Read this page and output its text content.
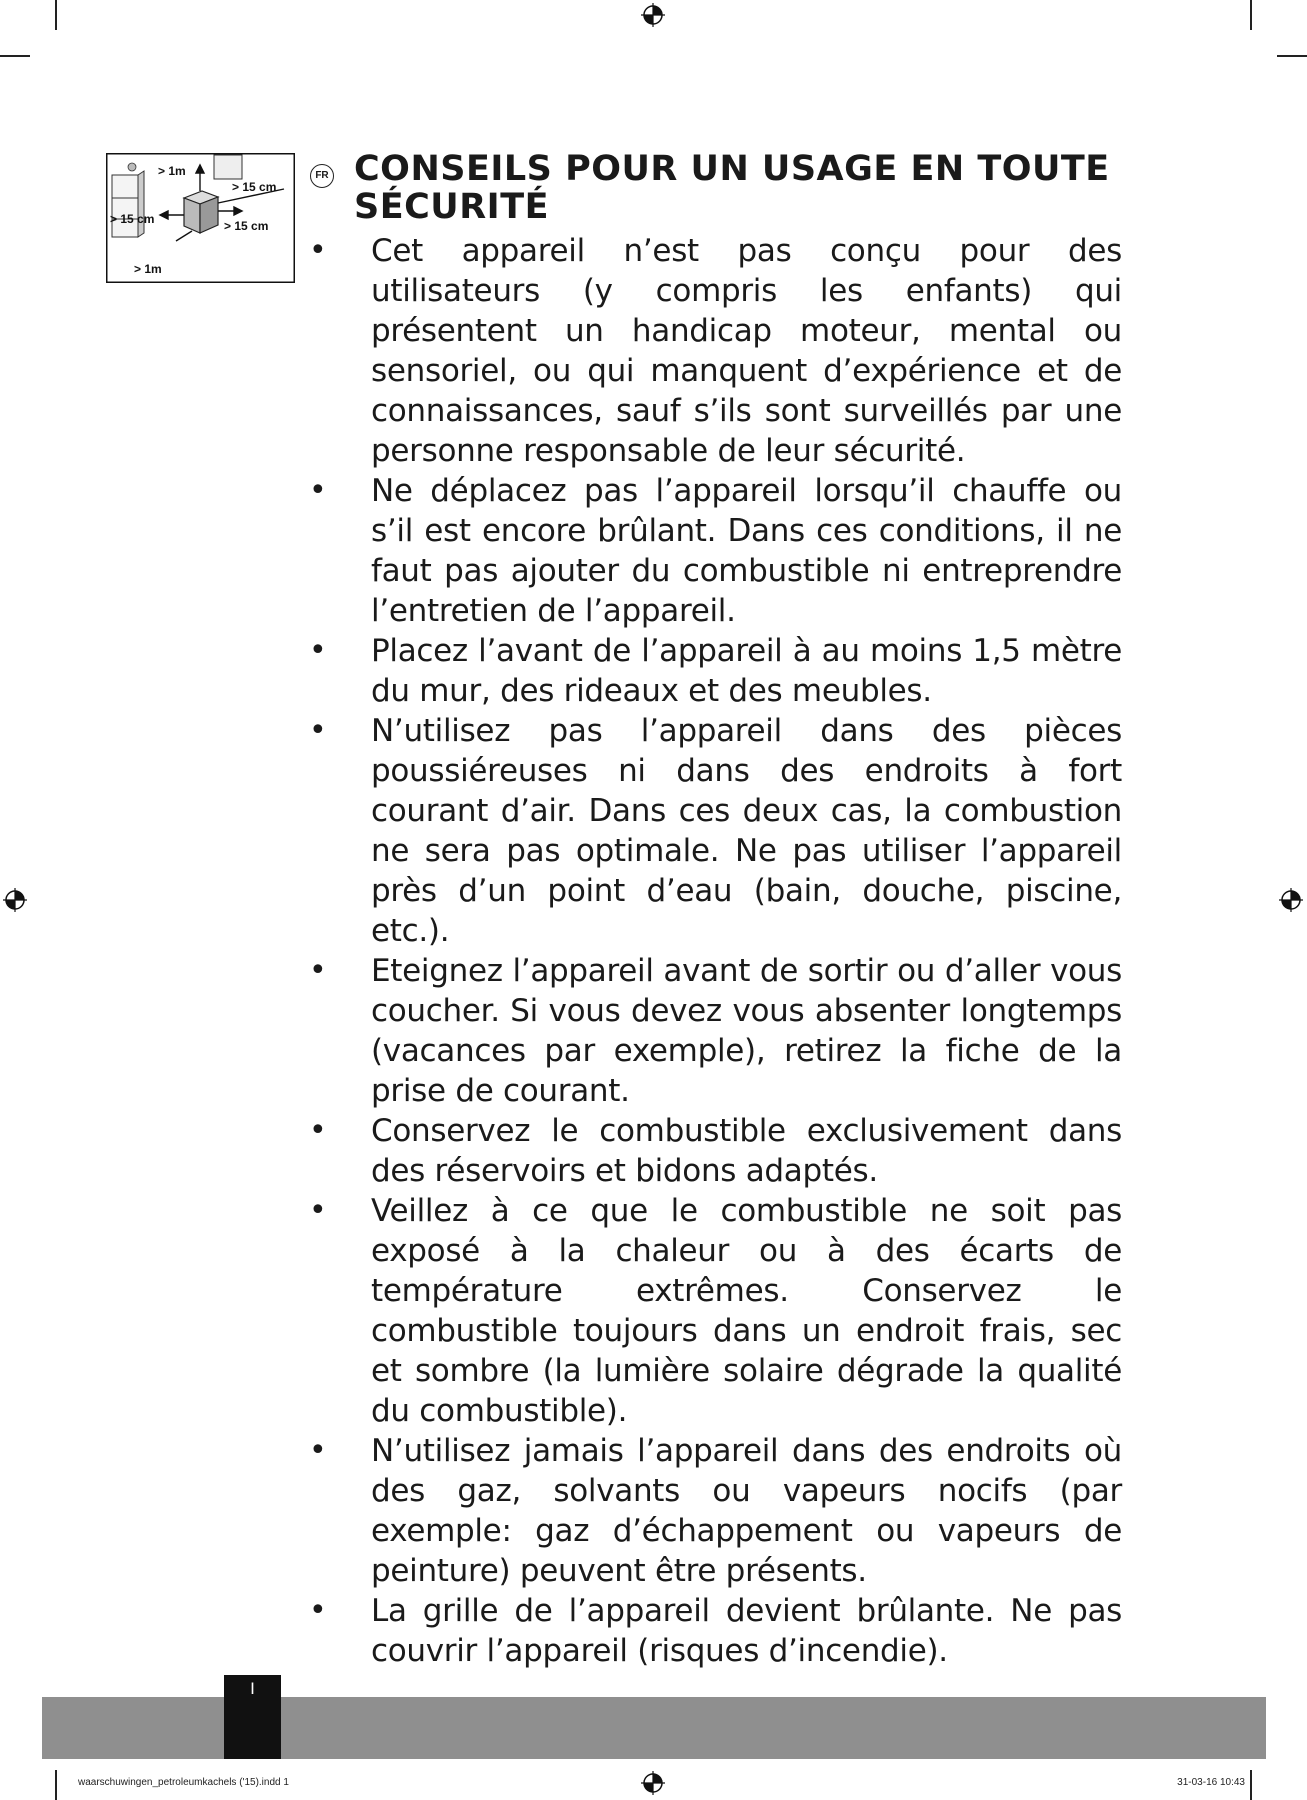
> 1m
> 15 cm
> 15 cm	> 15 cm
> 1m
FR CONSEILS POUR UN USAGE EN TOUTE
SÉCURITÉ
• Cet appareil n’est pas conçu pour des utilisateurs (y compris les enfants) qui présentent un handicap moteur, mental ou sensoriel, ou qui manquent d’expérience et de connaissances, sauf s’ils sont surveillés par une personne responsable de leur sécurité.
• Ne déplacez pas l’appareil lorsqu’il chauffe ou s’il est encore brûlant. Dans ces conditions, il ne faut pas ajouter du combustible ni entreprendre l’entretien de l’appareil.
• Placez l’avant de l’appareil à au moins 1,5 mètre du mur, des rideaux et des meubles.
• N’utilisez pas l’appareil dans des pièces poussiéreuses ni dans des endroits à fort courant d’air. Dans ces deux cas, la combustion ne sera pas optimale. Ne pas utiliser l’appareil près d’un point d’eau (bain, douche, piscine, etc.).
• Eteignez l’appareil avant de sortir ou d’aller vous coucher. Si vous devez vous absenter longtemps (vacances par exemple), retirez la fiche de la prise de courant.
• Conservez le combustible exclusivement dans des réservoirs et bidons adaptés.
• Veillez à ce que le combustible ne soit pas exposé à la chaleur ou à des écarts de température extrêmes. Conservez le combustible toujours dans un endroit frais, sec et sombre (la lumière solaire dégrade la qualité du combustible).
• N’utilisez jamais l’appareil dans des endroits où des gaz, solvants ou vapeurs nocifs (par exemple: gaz d’échappement ou vapeurs de peinture) peuvent être présents.
• La grille de l’appareil devient brûlante. Ne pas couvrir l’appareil (risques d’incendie).
I
waarschuwingen_petroleumkachels ('15).indd 1	31-03-16 10:43
